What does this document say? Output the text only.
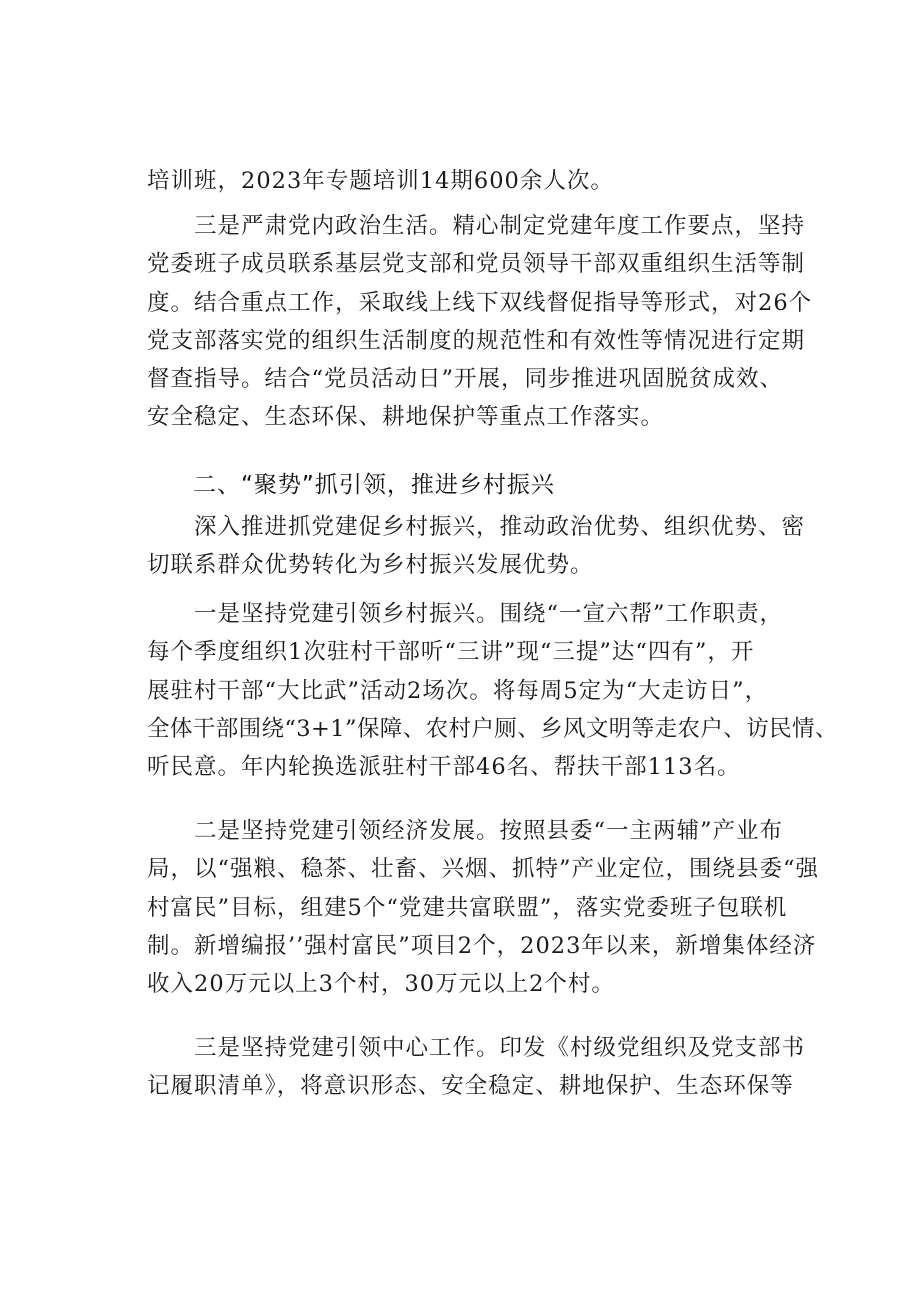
培训班，2023年专题培训14期600余人次。
　　三是严肃党内政治生活。精心制定党建年度工作要点，坚持
党委班子成员联系基层党支部和党员领导干部双重组织生活等制
度。结合重点工作，采取线上线下双线督促指导等形式，对26个
党支部落实党的组织生活制度的规范性和有效性等情况进行定期
督查指导。结合“党员活动日”开展，同步推进巩固脱贫成效、
安全稳定、生态环保、耕地保护等重点工作落实。
二、“聚势”抓引领，推进乡村振兴
　　深入推进抓党建促乡村振兴，推动政治优势、组织优势、密
切联系群众优势转化为乡村振兴发展优势。
　　一是坚持党建引领乡村振兴。围绕“一宣六帮”工作职责，
每个季度组织1次驻村干部听“三讲”现“三提”达“四有”，开
展驻村干部“大比武”活动2场次。将每周5定为“大走访日”，
全体干部围绕“3+1”保障、农村户厕、乡风文明等走农户、访民情、
听民意。年内轮换选派驻村干部46名、帮扶干部113名。
　　二是坚持党建引领经济发展。按照县委“一主两辅”产业布
局，以“强粮、稳茶、壮畜、兴烟、抓特”产业定位，围绕县委“强
村富民”目标，组建5个“党建共富联盟”，落实党委班子包联机
制。新增编报’’强村富民”项目2个，2023年以来，新增集体经济
收入20万元以上3个村，30万元以上2个村。
　　三是坚持党建引领中心工作。印发《村级党组织及党支部书
记履职清单》，将意识形态、安全稳定、耕地保护、生态环保等
